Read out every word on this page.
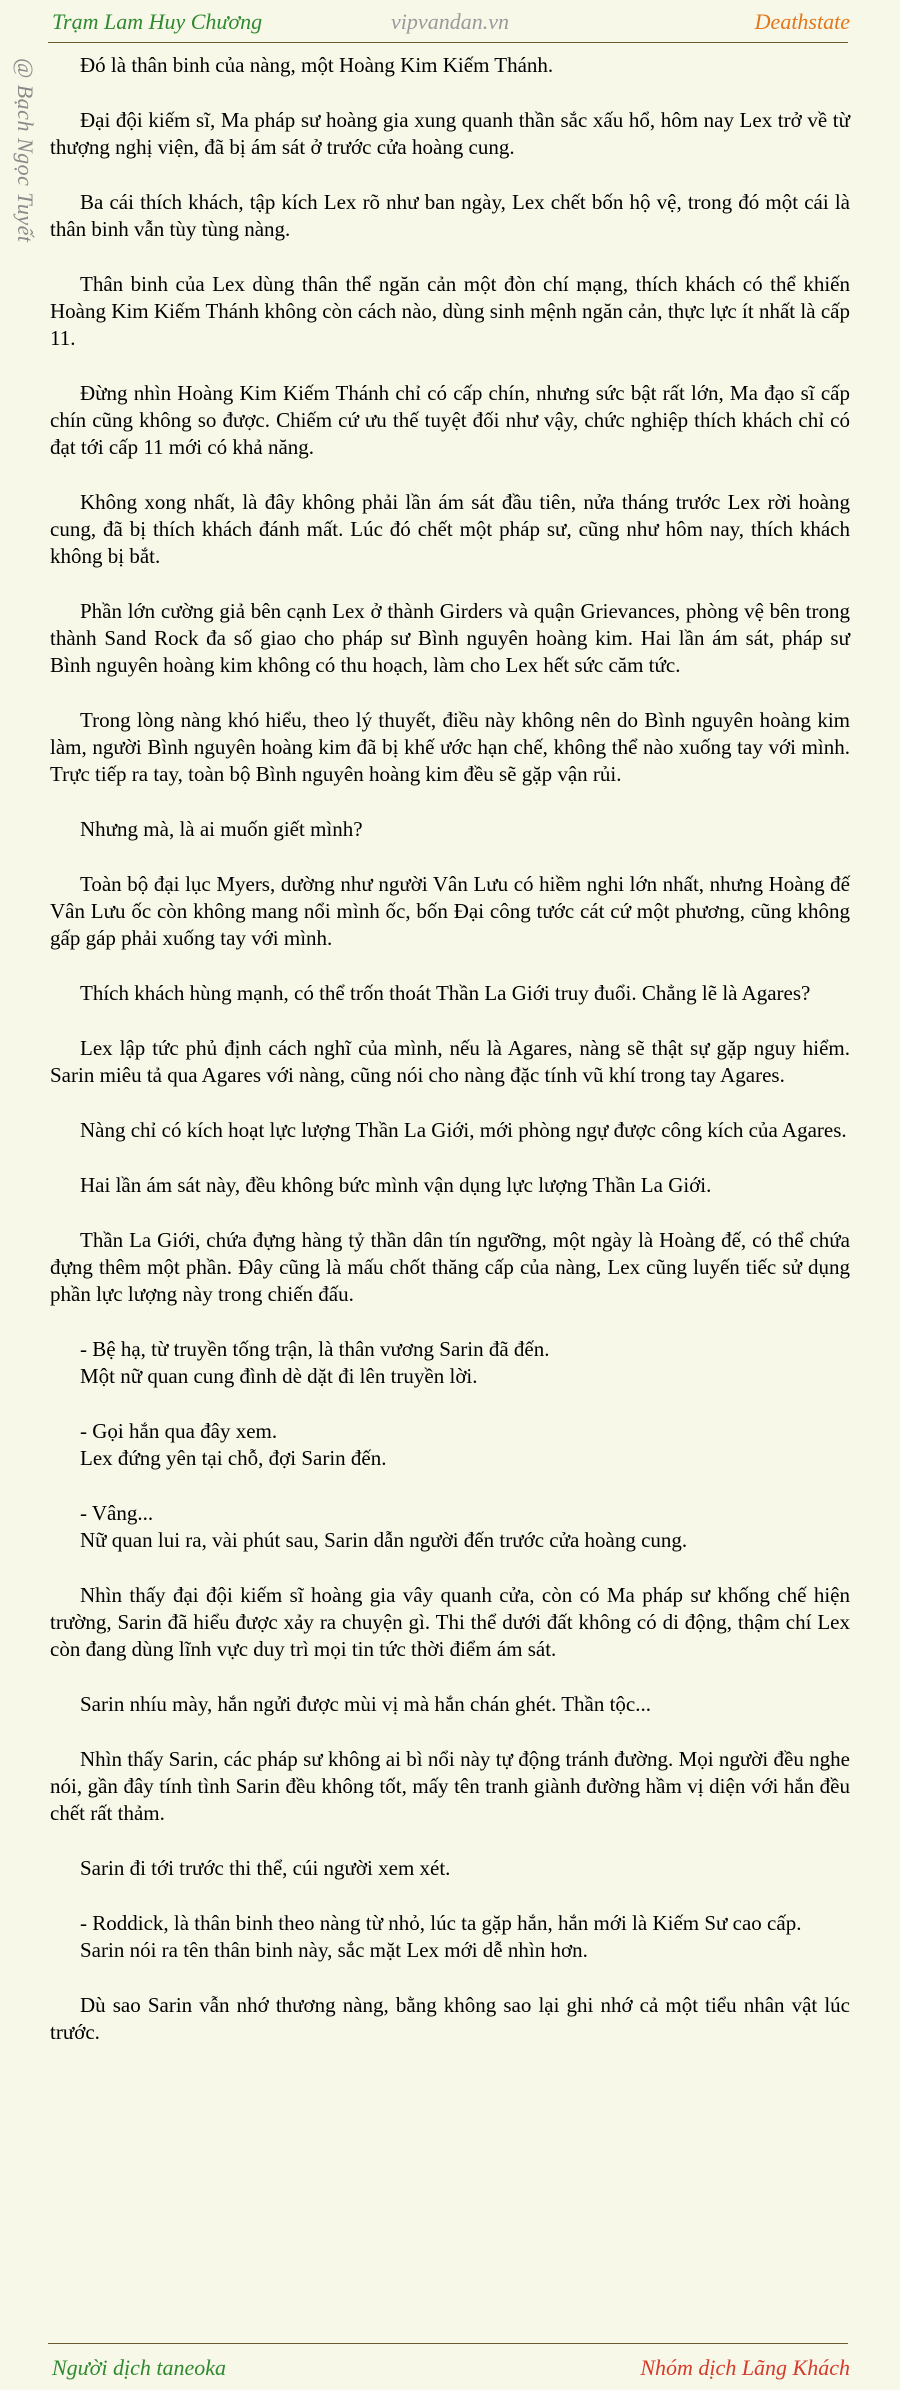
Trạm Lam Huy Chương	vipvandan.vn	Deathstate
@ Bạch Ngọc Tuyết	Đó là thân binh của nàng, một Hoàng Kim Kiếm Thánh.

Đại đội kiếm sĩ, Ma pháp sư hoàng gia xung quanh thần sắc xấu hổ, hôm nay Lex trở về từ thượng nghị viện, đã bị ám sát ở trước cửa hoàng cung.

Ba cái thích khách, tập kích Lex rõ như ban ngày, Lex chết bốn hộ vệ, trong đó một cái là thân binh vẫn tùy tùng nàng.

Thân binh của Lex dùng thân thể ngăn cản một đòn chí mạng, thích khách có thể khiến Hoàng Kim Kiếm Thánh không còn cách nào, dùng sinh mệnh ngăn cản, thực lực ít nhất là cấp 11.

Đừng nhìn Hoàng Kim Kiếm Thánh chỉ có cấp chín, nhưng sức bật rất lớn, Ma đạo sĩ cấp chín cũng không so được. Chiếm cứ ưu thế tuyệt đối như vậy, chức nghiệp thích khách chỉ có đạt tới cấp 11 mới có khả năng.

Không xong nhất, là đây không phải lần ám sát đầu tiên, nửa tháng trước Lex rời hoàng cung, đã bị thích khách đánh mất. Lúc đó chết một pháp sư, cũng như hôm nay, thích khách không bị bắt.

Phần lớn cường giả bên cạnh Lex ở thành Girders và quận Grievances, phòng vệ bên trong thành Sand Rock đa số giao cho pháp sư Bình nguyên hoàng kim. Hai lần ám sát, pháp sư Bình nguyên hoàng kim không có thu hoạch, làm cho Lex hết sức căm tức.

Trong lòng nàng khó hiểu, theo lý thuyết, điều này không nên do Bình nguyên hoàng kim làm, người Bình nguyên hoàng kim đã bị khế ước hạn chế, không thể nào xuống tay với mình. Trực tiếp ra tay, toàn bộ Bình nguyên hoàng kim đều sẽ gặp vận rủi.

Nhưng mà, là ai muốn giết mình?

Toàn bộ đại lục Myers, dường như người Vân Lưu có hiềm nghi lớn nhất, nhưng Hoàng đế Vân Lưu ốc còn không mang nổi mình ốc, bốn Đại công tước cát cứ một phương, cũng không gấp gáp phải xuống tay với mình.

Thích khách hùng mạnh, có thể trốn thoát Thần La Giới truy đuổi. Chẳng lẽ là Agares?

Lex lập tức phủ định cách nghĩ của mình, nếu là Agares, nàng sẽ thật sự gặp nguy hiểm. Sarin miêu tả qua Agares với nàng, cũng nói cho nàng đặc tính vũ khí trong tay Agares.

Nàng chỉ có kích hoạt lực lượng Thần La Giới, mới phòng ngự được công kích của Agares.

Hai lần ám sát này, đều không bức mình vận dụng lực lượng Thần La Giới.

Thần La Giới, chứa đựng hàng tỷ thần dân tín ngưỡng, một ngày là Hoàng đế, có thể chứa đựng thêm một phần. Đây cũng là mấu chốt thăng cấp của nàng, Lex cũng luyến tiếc sử dụng phần lực lượng này trong chiến đấu.

- Bệ hạ, từ truyền tống trận, là thân vương Sarin đã đến.
Một nữ quan cung đình dè dặt đi lên truyền lời.

- Gọi hắn qua đây xem.
Lex đứng yên tại chỗ, đợi Sarin đến.

- Vâng...
Nữ quan lui ra, vài phút sau, Sarin dẫn người đến trước cửa hoàng cung.

Nhìn thấy đại đội kiếm sĩ hoàng gia vây quanh cửa, còn có Ma pháp sư khống chế hiện trường, Sarin đã hiểu được xảy ra chuyện gì. Thi thể dưới đất không có di động, thậm chí Lex còn đang dùng lĩnh vực duy trì mọi tin tức thời điểm ám sát.

Sarin nhíu mày, hắn ngửi được mùi vị mà hắn chán ghét. Thần tộc...

Nhìn thấy Sarin, các pháp sư không ai bì nổi này tự động tránh đường. Mọi người đều nghe nói, gần đây tính tình Sarin đều không tốt, mấy tên tranh giành đường hầm vị diện với hắn đều chết rất thảm.

Sarin đi tới trước thi thể, cúi người xem xét.

- Roddick, là thân binh theo nàng từ nhỏ, lúc ta gặp hắn, hắn mới là Kiếm Sư cao cấp.
Sarin nói ra tên thân binh này, sắc mặt Lex mới dễ nhìn hơn.

Dù sao Sarin vẫn nhớ thương nàng, bằng không sao lại ghi nhớ cả một tiểu nhân vật lúc trước.

Người dịch taneoka	Nhóm dịch Lãng Khách
